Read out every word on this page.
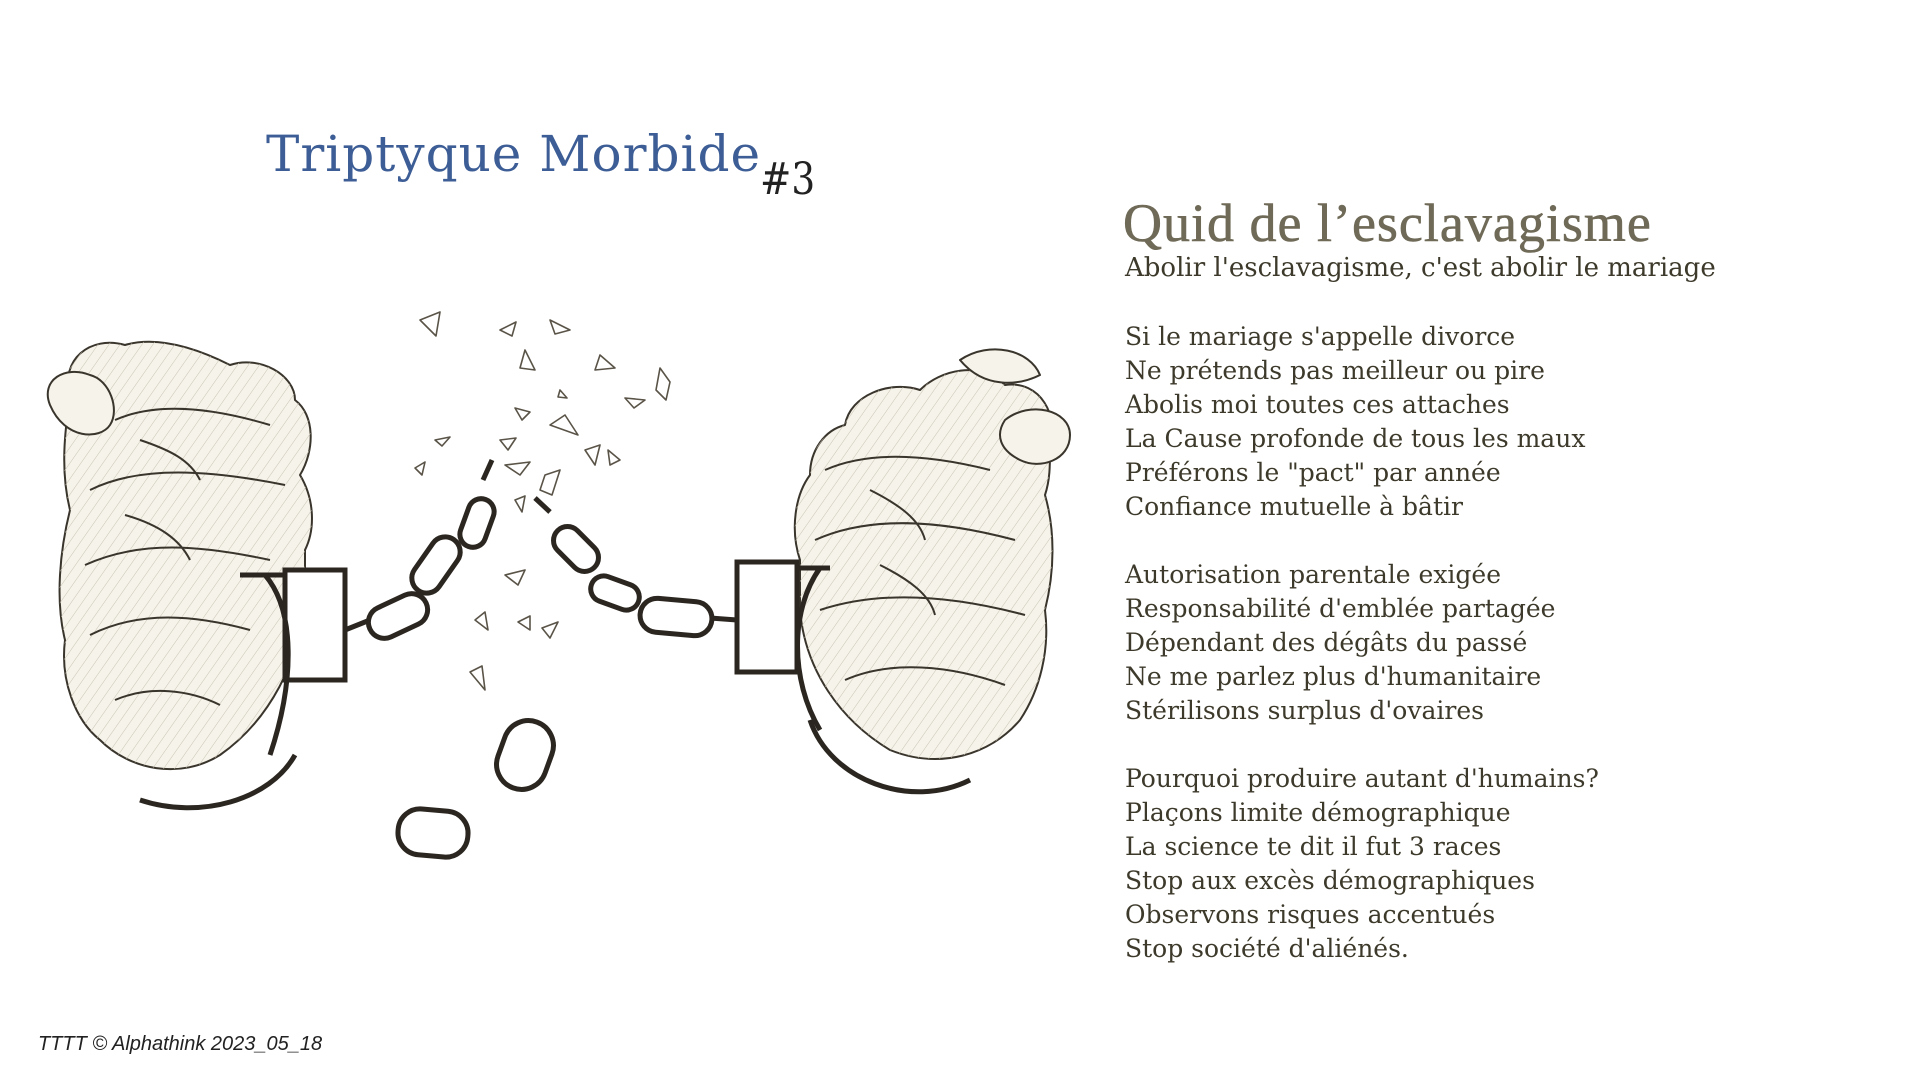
Triptyque Morbide
#3
Quid de l’esclavagisme
Abolir l'esclavagisme, c'est abolir le mariage
Si le mariage s'appelle divorce
Ne prétends pas meilleur ou pire
Abolis moi toutes ces attaches
La Cause profonde de tous les maux
Préférons le "pact" par année
Confiance mutuelle à bâtir
Autorisation parentale exigée
Responsabilité d'emblée partagée
Dépendant des dégâts du passé
Ne me parlez plus d'humanitaire
Stérilisons surplus d'ovaires
Pourquoi produire autant d'humains?
Plaçons limite démographique
La science te dit il fut 3 races
Stop aux excès démographiques
Observons risques accentués
Stop société d'aliénés.
TTTT © Alphathink 2023_05_18
